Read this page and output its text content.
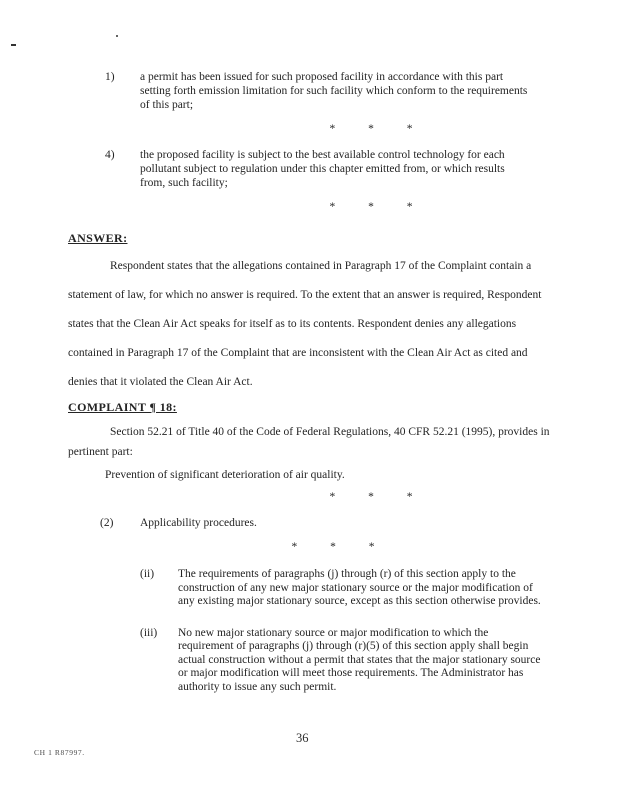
1)	a permit has been issued for such proposed facility in accordance with this part setting forth emission limitation for such facility which conform to the requirements of this part;
* * *
4)	the proposed facility is subject to the best available control technology for each pollutant subject to regulation under this chapter emitted from, or which results from, such facility;
* * *
ANSWER:
Respondent states that the allegations contained in Paragraph 17 of the Complaint contain a statement of law, for which no answer is required. To the extent that an answer is required, Respondent states that the Clean Air Act speaks for itself as to its contents. Respondent denies any allegations contained in Paragraph 17 of the Complaint that are inconsistent with the Clean Air Act as cited and denies that it violated the Clean Air Act.
COMPLAINT ¶ 18:
Section 52.21 of Title 40 of the Code of Federal Regulations, 40 CFR 52.21 (1995), provides in pertinent part:
Prevention of significant deterioration of air quality.
* * *
(2)	Applicability procedures.
* * *
(ii)	The requirements of paragraphs (j) through (r) of this section apply to the construction of any new major stationary source or the major modification of any existing major stationary source, except as this section otherwise provides.
(iii)	No new major stationary source or major modification to which the requirement of paragraphs (j) through (r)(5) of this section apply shall begin actual construction without a permit that states that the major stationary source or major modification will meet those requirements. The Administrator has authority to issue any such permit.
36
CH 1 R87997.
